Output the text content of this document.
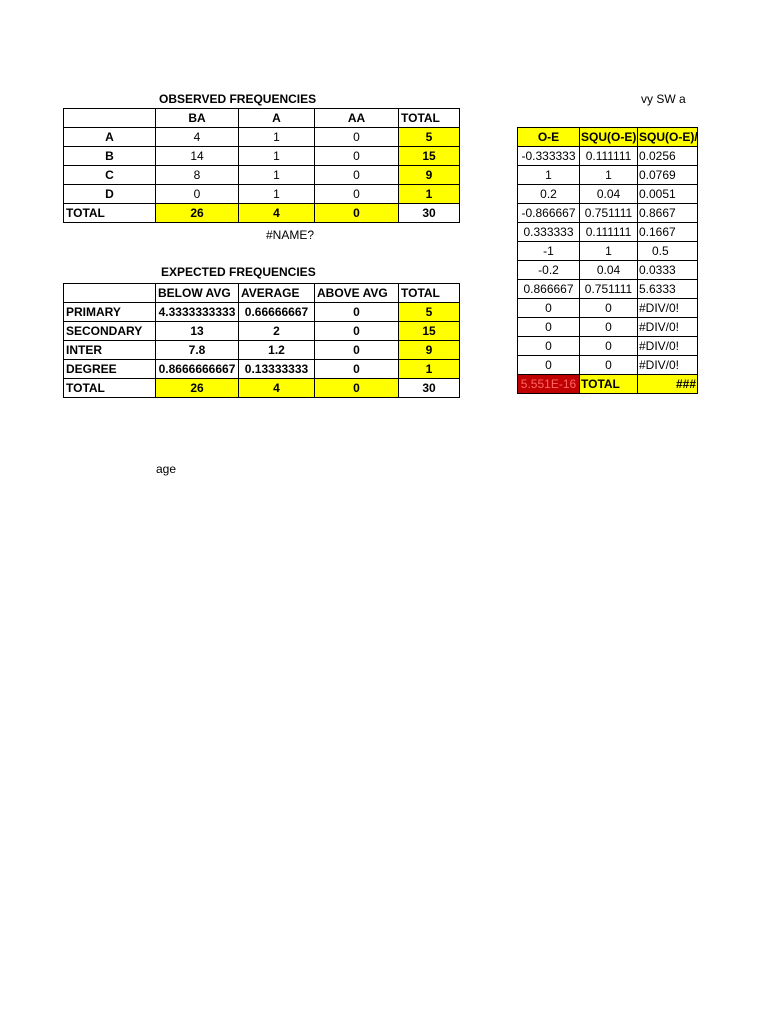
OBSERVED FREQUENCIES	vy SW a
	BA	A	AA	TOTAL
A	4	1	0	5
B	14	1	0	15
C	8	1	0	9
D	0	1	0	1
TOTAL	26	4	0	30
#NAME?
EXPECTED FREQUENCIES
	BELOW AVG	AVERAGE	ABOVE AVG	TOTAL
PRIMARY	4.3333333333	0.66666667	0	5
SECONDARY	13	2	0	15
INTER	7.8	1.2	0	9
DEGREE	0.8666666667	0.13333333	0	1
TOTAL	26	4	0	30
O-E	SQU(O-E)	SQU(O-E)/
-0.333333	0.111111	0.0256
1	1	0.0769
0.2	0.04	0.0051
-0.866667	0.751111	0.8667
0.333333	0.111111	0.1667
-1	1	0.5
-0.2	0.04	0.0333
0.866667	0.751111	5.6333
0	0	#DIV/0!
0	0	#DIV/0!
0	0	#DIV/0!
0	0	#DIV/0!
5.551E-16	TOTAL	###
age
